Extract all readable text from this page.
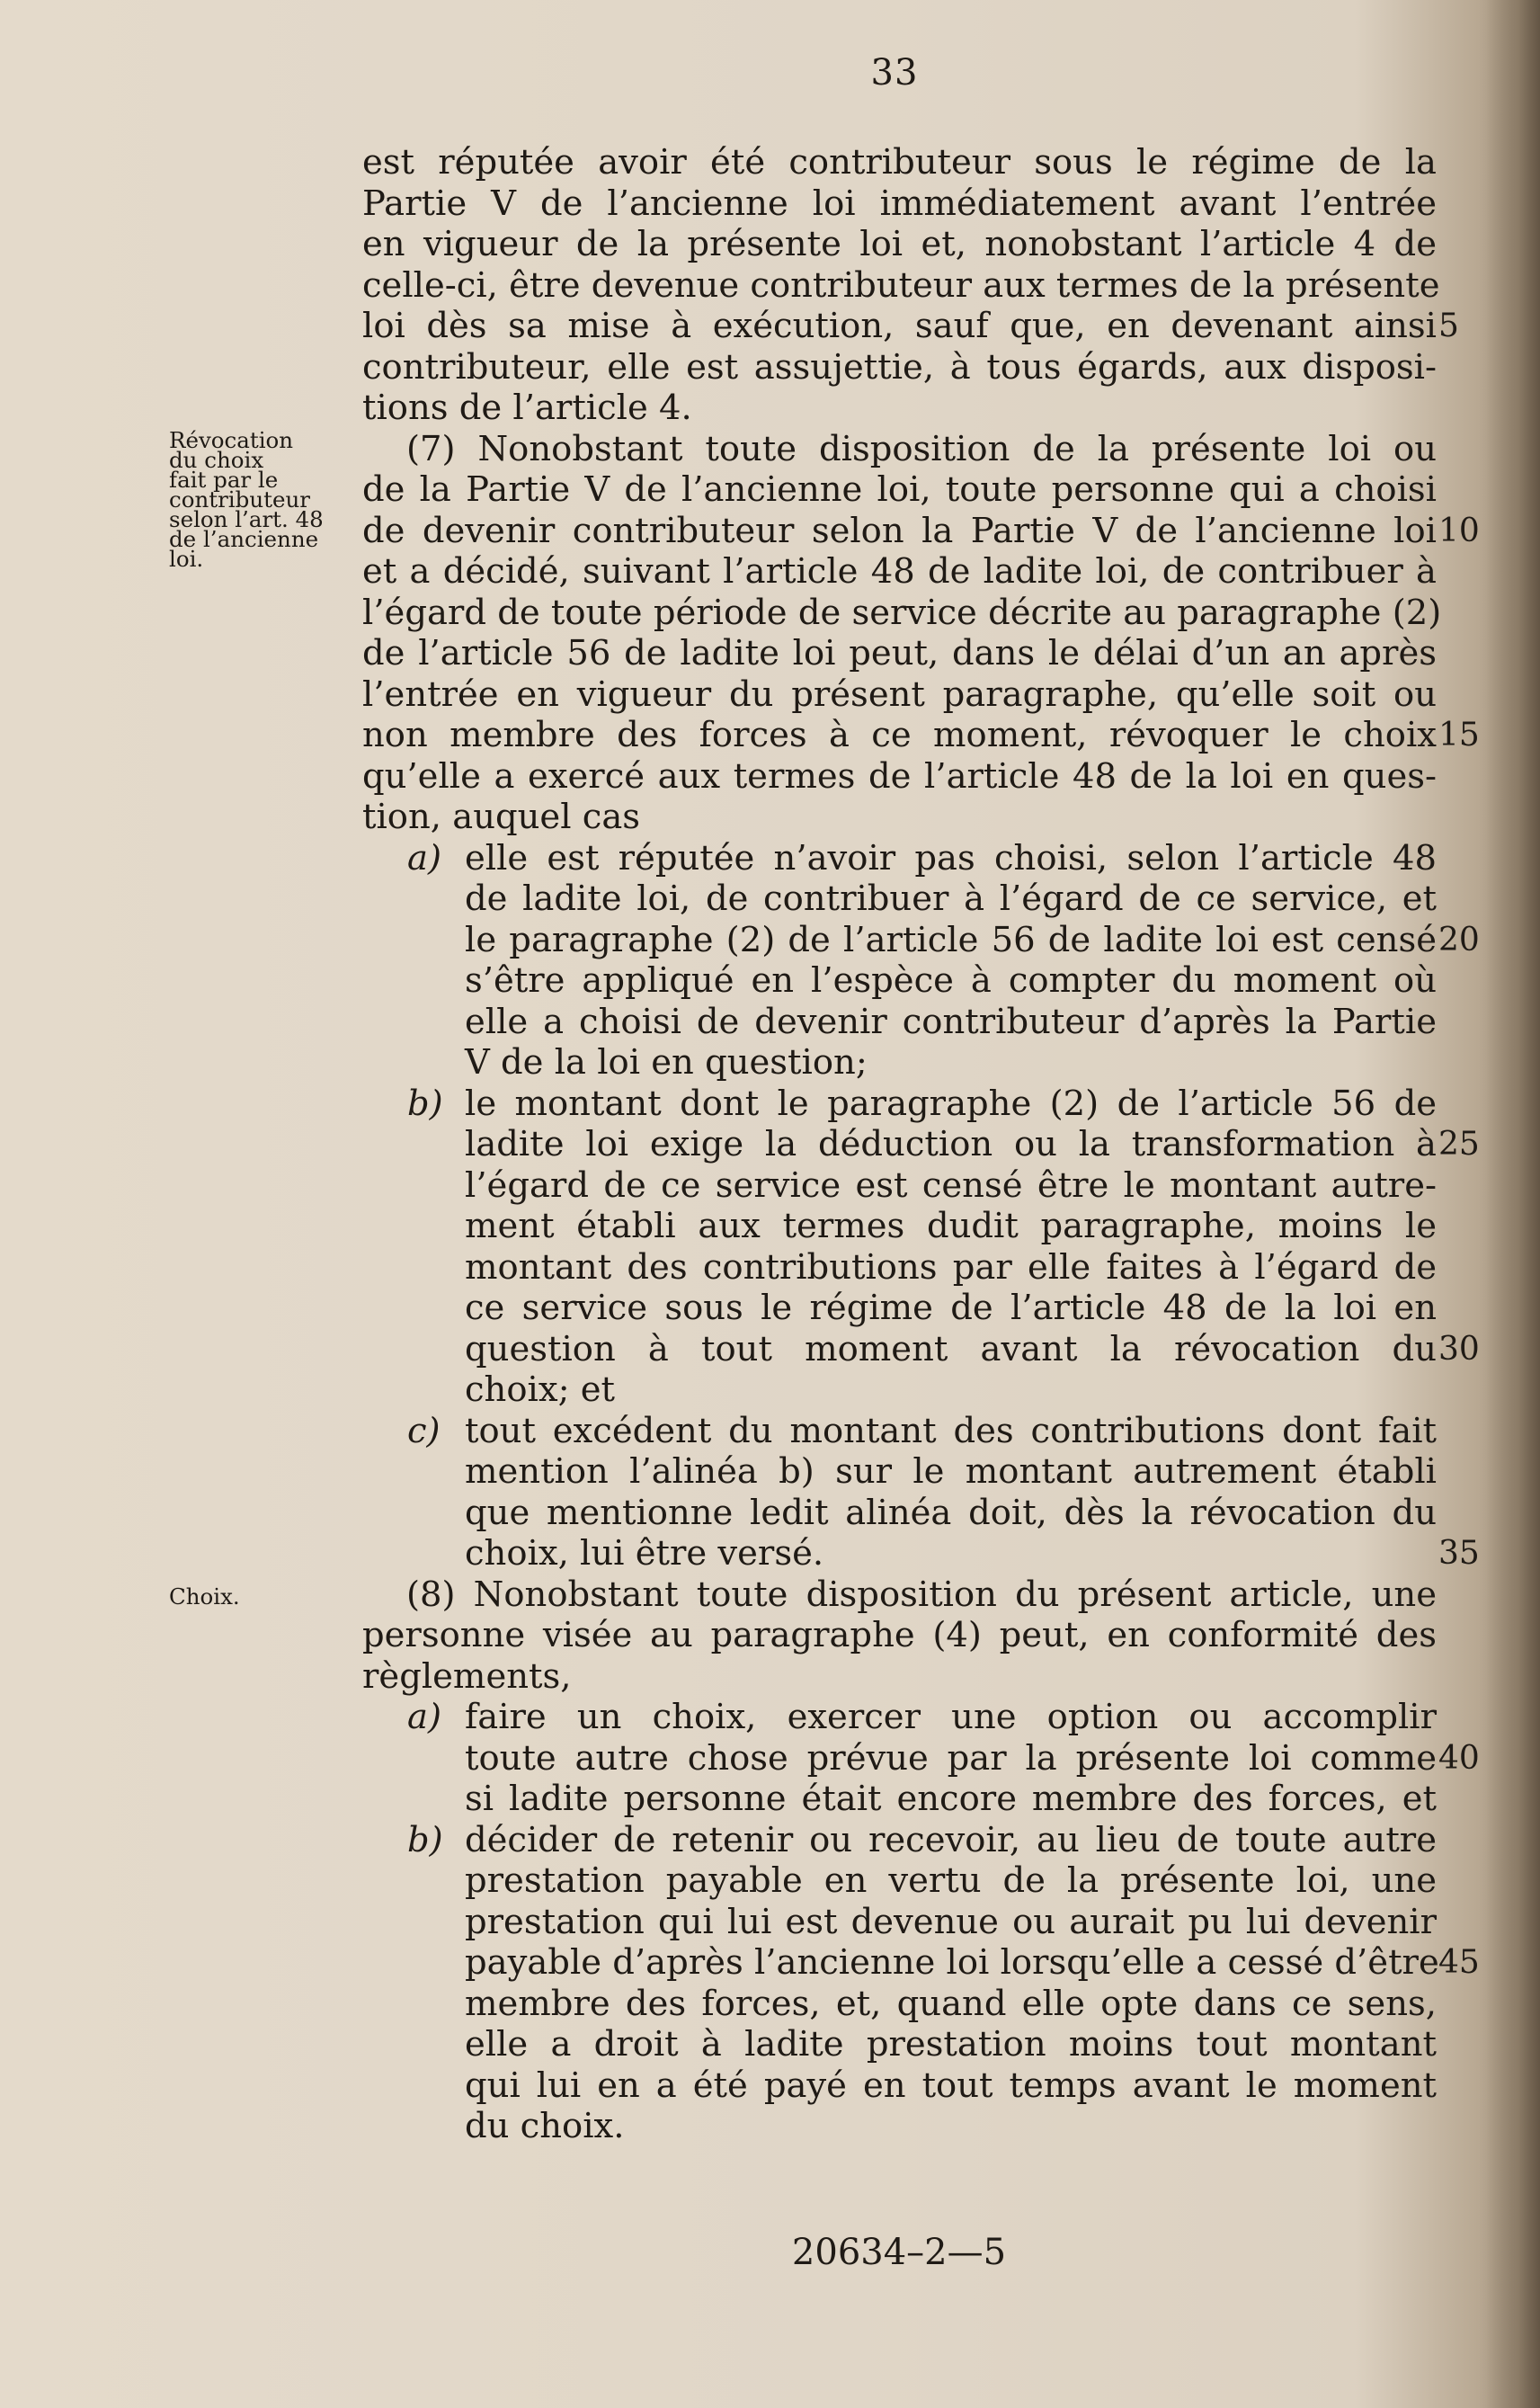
33
Révocation
du choix
fait par le
contributeur
selon l’art. 48
de l’ancienne
loi.
Choix.
est réputée avoir été contributeur sous le régime de la
Partie V de l’ancienne loi immédiatement avant l’entrée
en vigueur de la présente loi et, nonobstant l’article 4 de
celle-ci, être devenue contributeur aux termes de la présente
loi dès sa mise à exécution, sauf que, en devenant ainsi
contributeur, elle est assujettie, à tous égards, aux disposi-
tions de l’article 4.
(7) Nonobstant toute disposition de la présente loi ou
de la Partie V de l’ancienne loi, toute personne qui a choisi
de devenir contributeur selon la Partie V de l’ancienne loi
et a décidé, suivant l’article 48 de ladite loi, de contribuer à
l’égard de toute période de service décrite au paragraphe (2)
de l’article 56 de ladite loi peut, dans le délai d’un an après
l’entrée en vigueur du présent paragraphe, qu’elle soit ou
non membre des forces à ce moment, révoquer le choix
qu’elle a exercé aux termes de l’article 48 de la loi en ques-
tion, auquel cas
a) elle est réputée n’avoir pas choisi, selon l’article 48
de ladite loi, de contribuer à l’égard de ce service, et
le paragraphe (2) de l’article 56 de ladite loi est censé
s’être appliqué en l’espèce à compter du moment où
elle a choisi de devenir contributeur d’après la Partie
V de la loi en question;
b) le montant dont le paragraphe (2) de l’article 56 de
ladite loi exige la déduction ou la transformation à
l’égard de ce service est censé être le montant autre-
ment établi aux termes dudit paragraphe, moins le
montant des contributions par elle faites à l’égard de
ce service sous le régime de l’article 48 de la loi en
question à tout moment avant la révocation du
choix; et
c) tout excédent du montant des contributions dont fait
mention l’alinéa b) sur le montant autrement établi
que mentionne ledit alinéa doit, dès la révocation du
choix, lui être versé.
(8) Nonobstant toute disposition du présent article, une
personne visée au paragraphe (4) peut, en conformité des
règlements,
a) faire un choix, exercer une option ou accomplir
toute autre chose prévue par la présente loi comme
si ladite personne était encore membre des forces, et
b) décider de retenir ou recevoir, au lieu de toute autre
prestation payable en vertu de la présente loi, une
prestation qui lui est devenue ou aurait pu lui devenir
payable d’après l’ancienne loi lorsqu’elle a cessé d’être
membre des forces, et, quand elle opte dans ce sens,
elle a droit à ladite prestation moins tout montant
qui lui en a été payé en tout temps avant le moment
du choix.
5
10
15
20
25
30
35
40
45
20634–2—5
